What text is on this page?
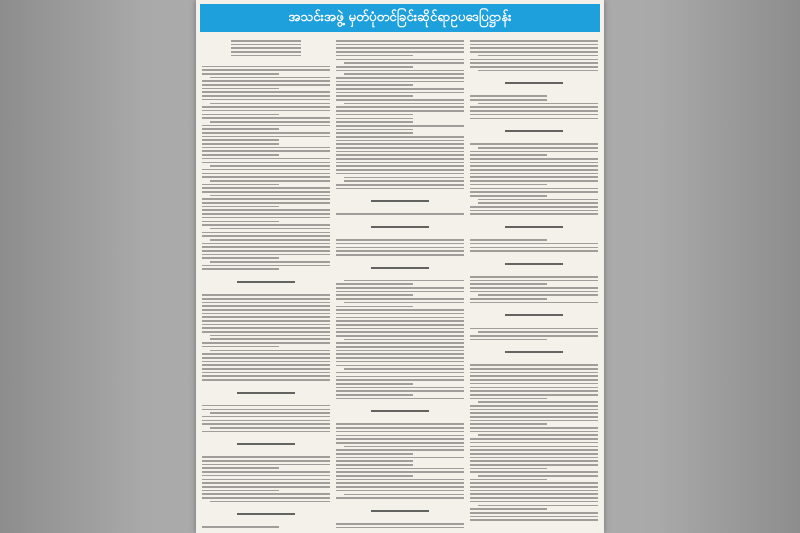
အသင်းအဖွဲ့ မှတ်ပုံတင်ခြင်းဆိုင်ရာဥပဒေပြဋ္ဌာန်း
